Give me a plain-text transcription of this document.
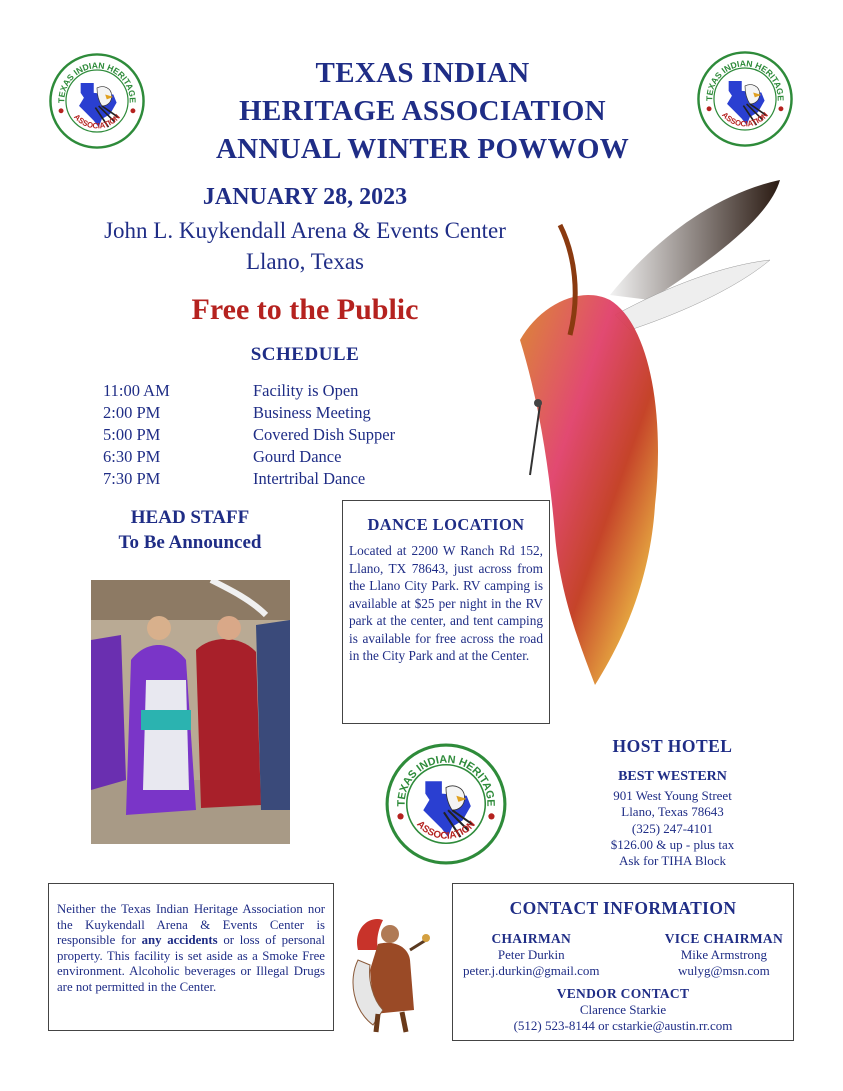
TEXAS INDIAN HERITAGE
ASSOCIATION
TEXAS INDIAN HERITAGE
ASSOCIATION
TEXAS INDIAN
HERITAGE ASSOCIATION
ANNUAL WINTER POWWOW
JANUARY 28, 2023
John L. Kuykendall Arena & Events Center
Llano, Texas
Free to the Public
SCHEDULE
11:00 AM	Facility is Open
2:00 PM	Business Meeting
5:00 PM	Covered Dish Supper
6:30 PM	Gourd Dance
7:30 PM	Intertribal Dance
HEAD STAFF
To Be Announced
DANCE LOCATION

Located at 2200 W Ranch Rd 152, Llano, TX 78643, just across from the Llano City Park. RV camping is available at $25 per night in the RV park at the center, and tent camping is available for free across the road in the City Park and at the Center.

TEXAS INDIAN HERITAGE
ASSOCIATION
HOST HOTEL
BEST WESTERN
901 West Young Street
Llano, Texas 78643
(325) 247-4101
$126.00 & up - plus tax
Ask for TIHA Block
Neither the Texas Indian Heritage Association nor the Kuykendall Arena & Events Center is responsible for any accidents or loss of personal property. This facility is set aside as a Smoke Free environment. Alcoholic beverages or Illegal Drugs are not permitted in the Center.
CONTACT INFORMATION
CHAIRMAN
Peter Durkin
peter.j.durkin@gmail.com
VICE CHAIRMAN
Mike Armstrong
wulyg@msn.com
VENDOR CONTACT
Clarence Starkie
(512) 523-8144 or cstarkie@austin.rr.com
